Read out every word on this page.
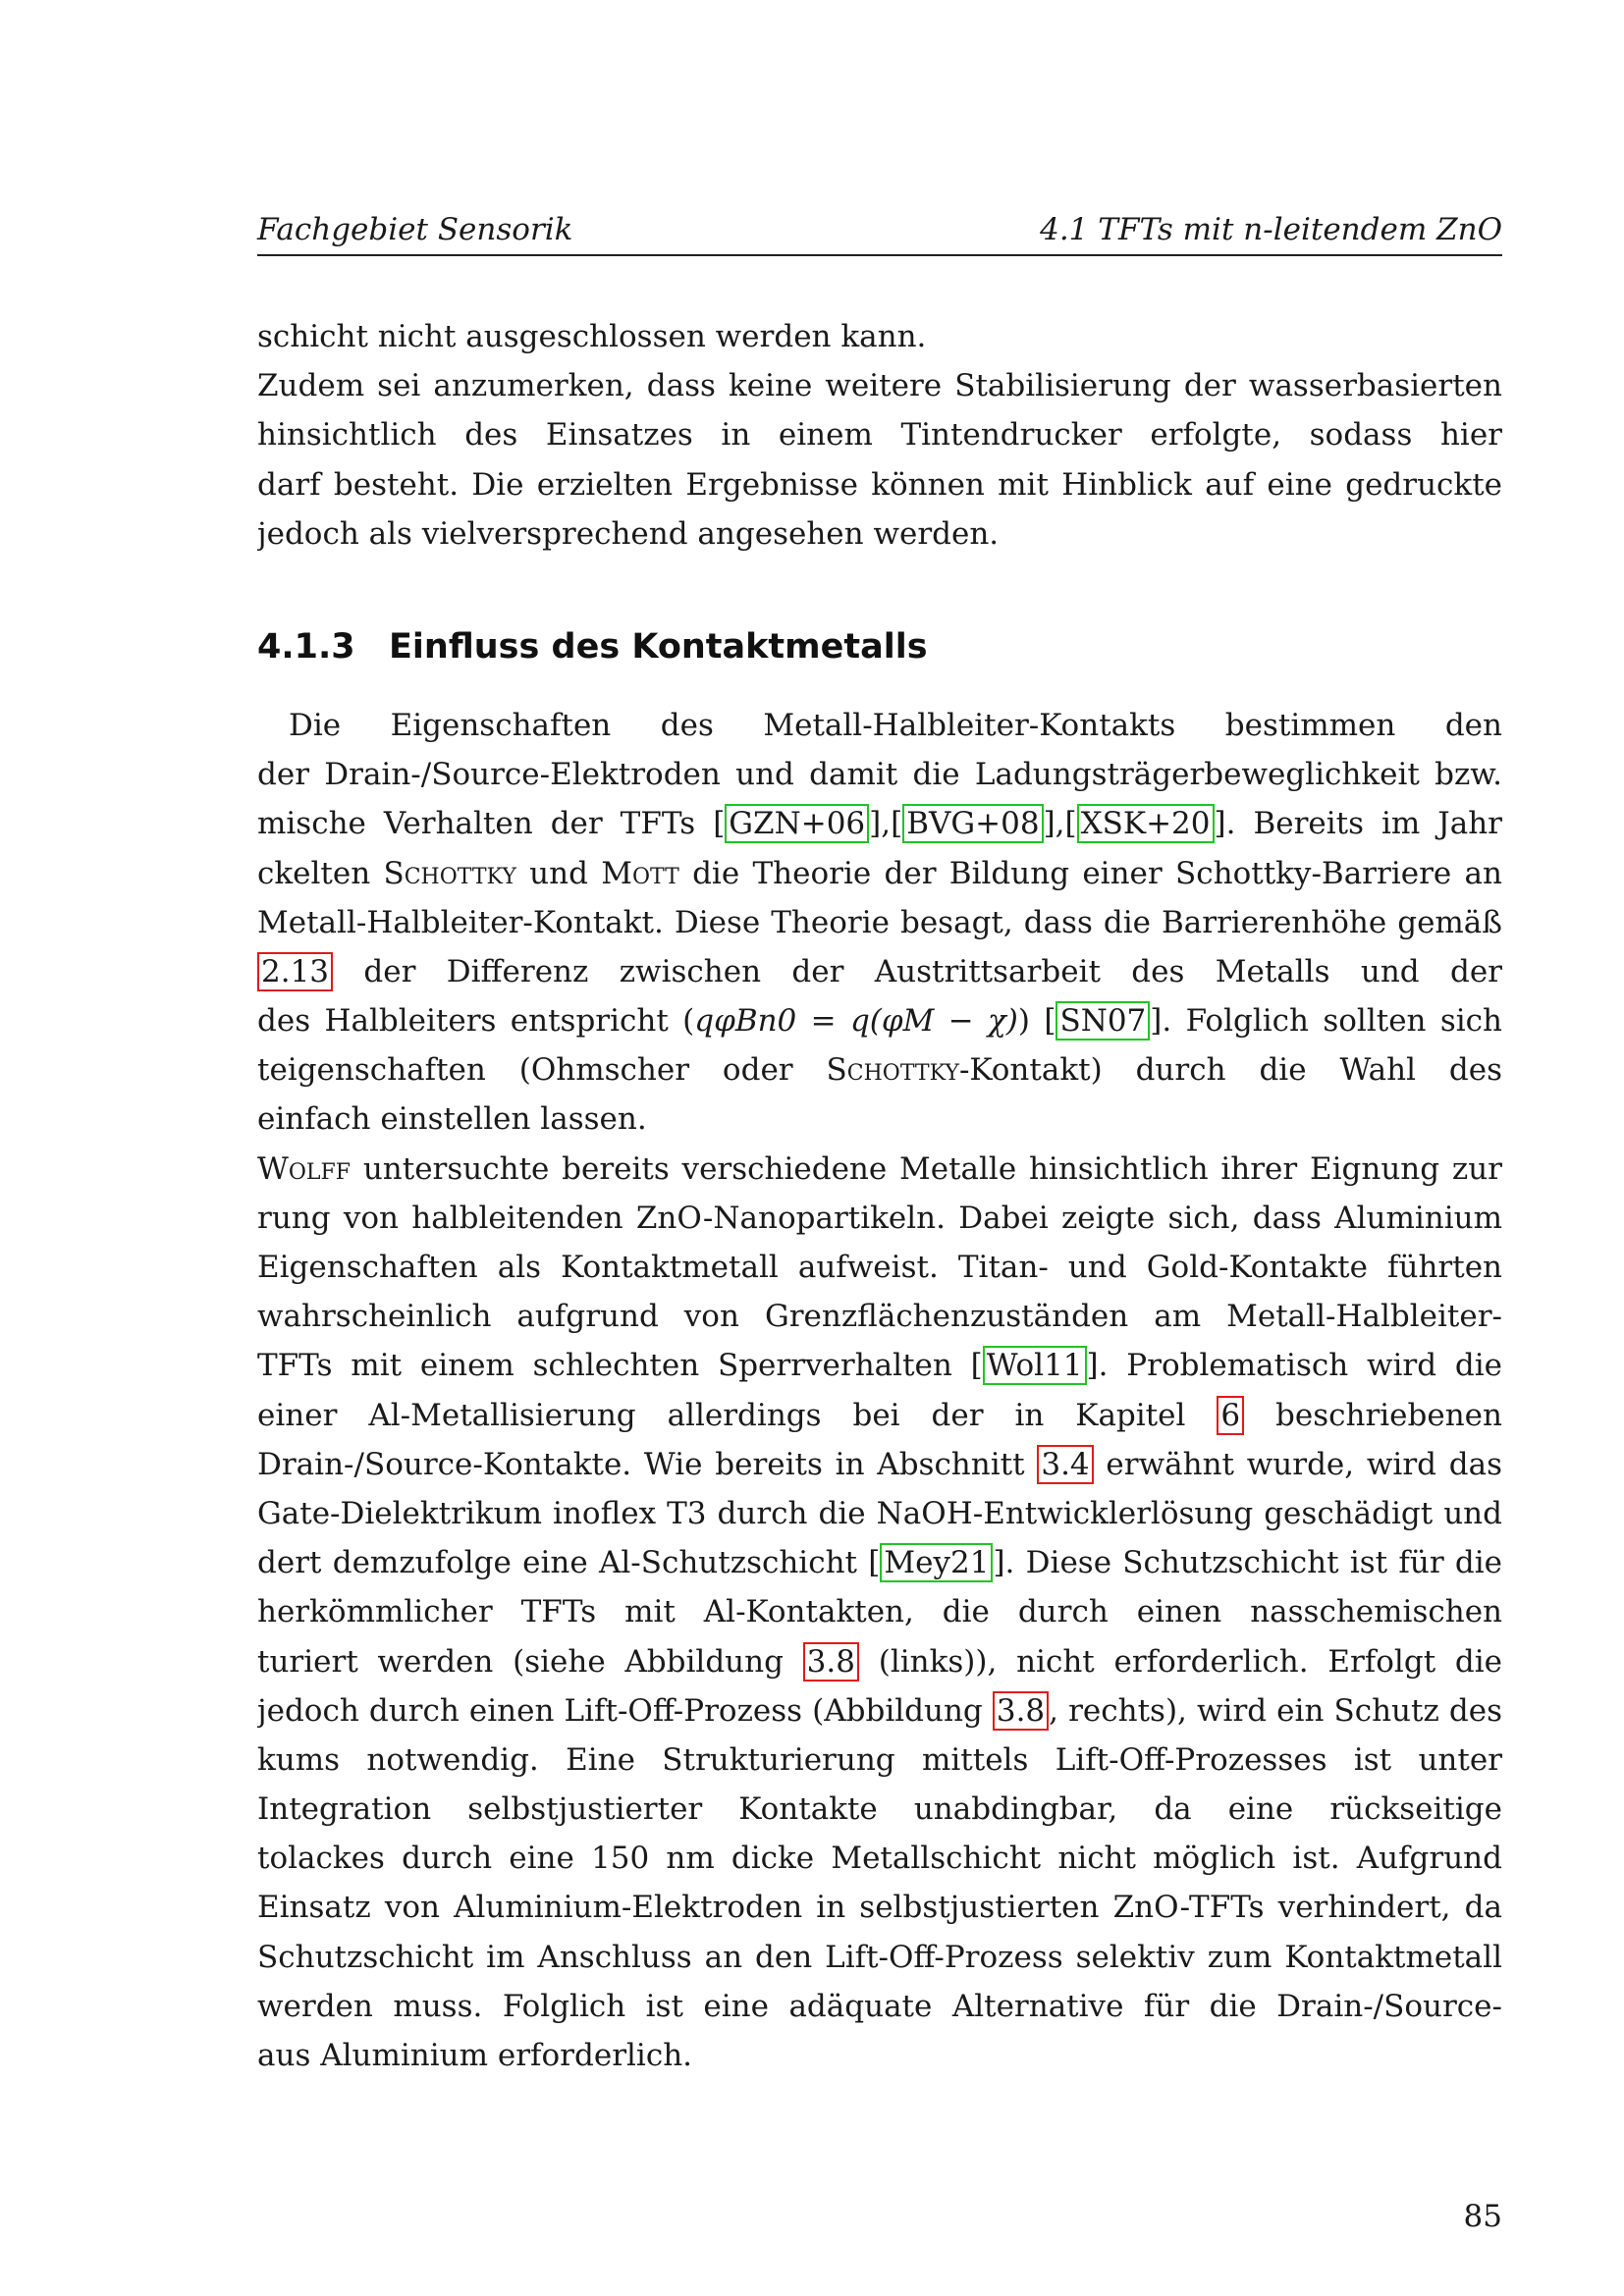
Fachgebiet Sensorik	4.1 TFTs mit n-leitendem ZnO
schicht nicht ausgeschlossen werden kann.
Zudem sei anzumerken, dass keine weitere Stabilisierung der wasserbasierten
hinsichtlich des Einsatzes in einem Tintendrucker erfolgte, sodass hier
darf besteht. Die erzielten Ergebnisse können mit Hinblick auf eine gedruckte
jedoch als vielversprechend angesehen werden.
4.1.3 Einfluss des Kontaktmetalls
Die Eigenschaften des Metall-Halbleiter-Kontakts bestimmen den
der Drain-/Source-Elektroden und damit die Ladungsträgerbeweglichkeit bzw.
mische Verhalten der TFTs [ GZN+06 ],[ BVG+08 ],[ XSK+20 ]. Bereits im Jahr
ckelten Schottky und Mott die Theorie der Bildung einer Schottky-Barriere an
Metall-Halbleiter-Kontakt. Diese Theorie besagt, dass die Barrierenhöhe gemäß
2.13 der Differenz zwischen der Austrittsarbeit des Metalls und der
des Halbleiters entspricht (qφBn0 = q(φM − χ)) [ SN07 ]. Folglich sollten sich
teigenschaften (Ohmscher oder Schottky-Kontakt) durch die Wahl des
einfach einstellen lassen.
Wolff untersuchte bereits verschiedene Metalle hinsichtlich ihrer Eignung zur
rung von halbleitenden ZnO-Nanopartikeln. Dabei zeigte sich, dass Aluminium
Eigenschaften als Kontaktmetall aufweist. Titan- und Gold-Kontakte führten
wahrscheinlich aufgrund von Grenzflächenzuständen am Metall-Halbleiter-
TFTs mit einem schlechten Sperrverhalten [ Wol11 ]. Problematisch wird die
einer Al-Metallisierung allerdings bei der in Kapitel 6 beschriebenen
Drain-/Source-Kontakte. Wie bereits in Abschnitt 3.4 erwähnt wurde, wird das
Gate-Dielektrikum inoflex T3 durch die NaOH-Entwicklerlösung geschädigt und
dert demzufolge eine Al-Schutzschicht [ Mey21 ]. Diese Schutzschicht ist für die
herkömmlicher TFTs mit Al-Kontakten, die durch einen nasschemischen
turiert werden (siehe Abbildung 3.8 (links)), nicht erforderlich. Erfolgt die
jedoch durch einen Lift-Off-Prozess (Abbildung 3.8 , rechts), wird ein Schutz des
kums notwendig. Eine Strukturierung mittels Lift-Off-Prozesses ist unter
Integration selbstjustierter Kontakte unabdingbar, da eine rückseitige
tolackes durch eine 150 nm dicke Metallschicht nicht möglich ist. Aufgrund
Einsatz von Aluminium-Elektroden in selbstjustierten ZnO-TFTs verhindert, da
Schutzschicht im Anschluss an den Lift-Off-Prozess selektiv zum Kontaktmetall
werden muss. Folglich ist eine adäquate Alternative für die Drain-/Source-
aus Aluminium erforderlich.
85
